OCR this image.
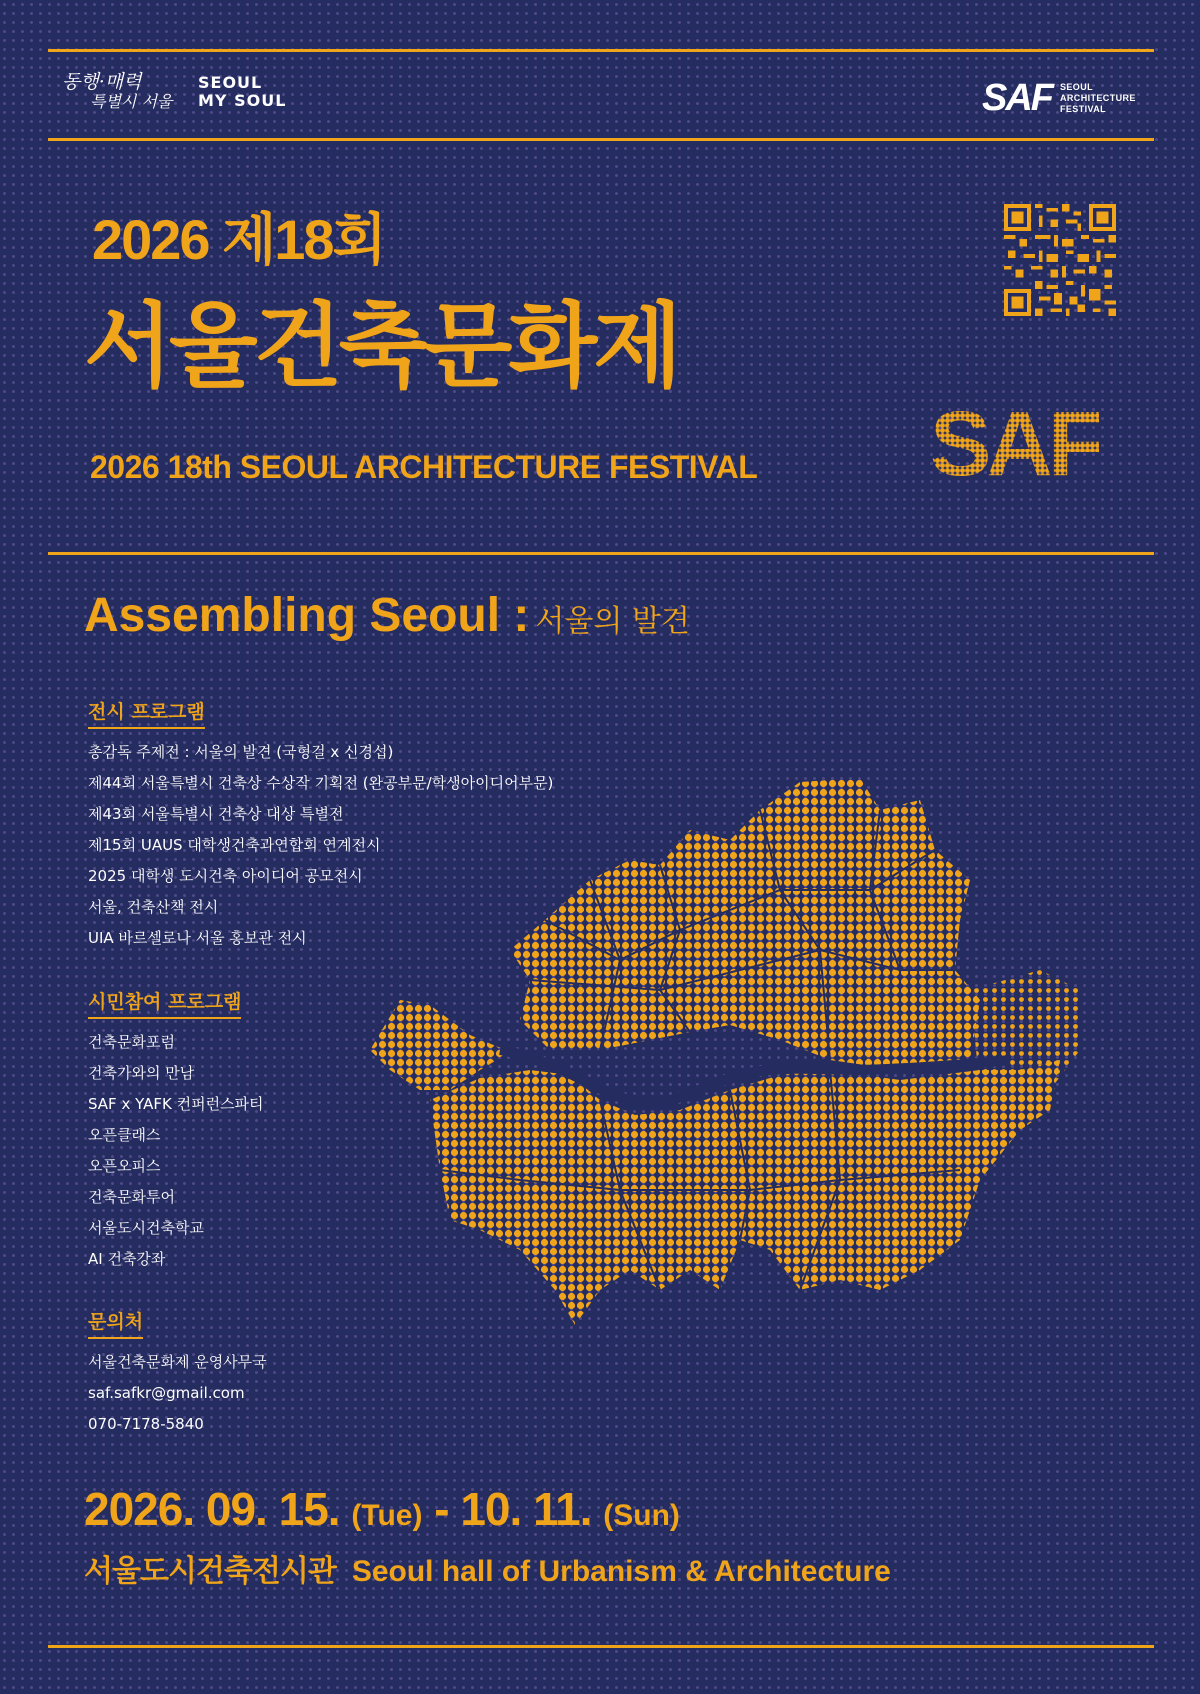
동행·매력
특별시 서울
SEOUL
MY SOUL	SAF SEOUL
ARCHITECTURE
FESTIVAL
2026 제18회
서울건축문화제
2026 18th SEOUL ARCHITECTURE FESTIVAL SAF
Assembling Seoul : 서울의 발견
전시 프로그램
총감독 주제전 : 서울의 발견 (국형걸 x 신경섭)
제44회 서울특별시 건축상 수상작 기획전 (완공부문/학생아이디어부문)
제43회 서울특별시 건축상 대상 특별전
제15회 UAUS 대학생건축과연합회 연계전시
2025 대학생 도시건축 아이디어 공모전시
서울, 건축산책 전시
UIA 바르셀로나 서울 홍보관 전시
시민참여 프로그램
건축문화포럼
건축가와의 만남
SAF x YAFK 컨퍼런스파티
오픈클래스
오픈오피스
건축문화투어
서울도시건축학교
AI 건축강좌
문의처
서울건축문화제 운영사무국
saf.safkr@gmail.com
070-7178-5840
2026. 09. 15. (Tue) - 10. 11. (Sun)
서울도시건축전시관 Seoul hall of Urbanism & Architecture
